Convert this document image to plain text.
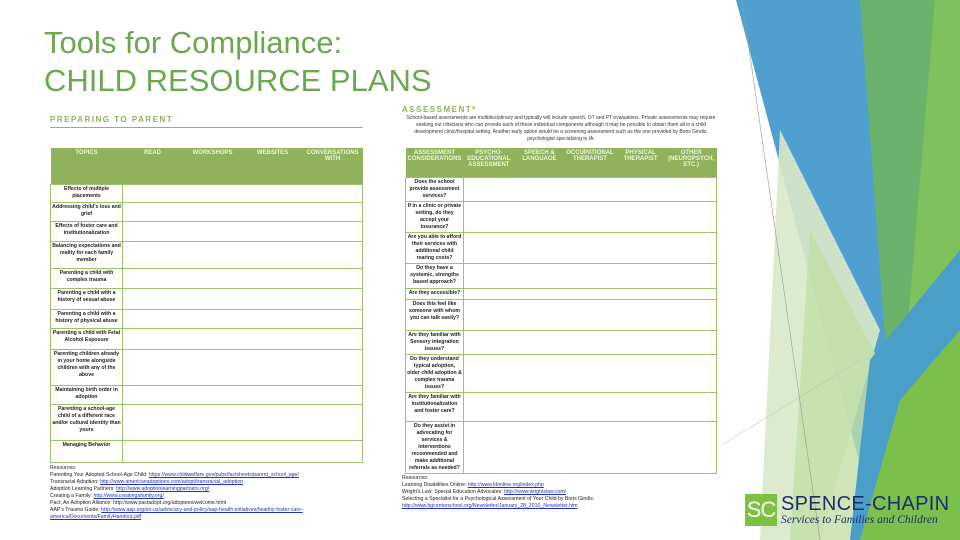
Tools for Compliance:
CHILD RESOURCE PLANS
PREPARING TO PARENT
TOPICS	READ	WORKSHOPS	WEBSITES	CONVERSATIONS WITH
Effects of multiple placements				
Addressing child's loss and grief				
Effects of foster care and institutionalization				
Balancing expectations and reality for each family member				
Parenting a child with complex trauma				
Parenting a child with a history of sexual abuse				
Parenting a child with a history of physical abuse				
Parenting a child with Fetal Alcohol Exposure				
Parenting children already in your home alongside children with any of the above				
Maintaining birth order in adoption				
Parenting a school-age child of a different race and/or cultural identity than yours				
Managing Behavior				
Resources:
Parenting Your Adopted School-Age Child: https://www.childwelfare.gov/pubs/factsheets/parent_school_age/
Transracial Adoption: http://www.americanadoptions.com/adopt/transracial_adoption
Adoption Learning Partners: http://www.adoptionlearningpartners.org/
Creating a Family: http://www.creatingafamily.org/
Pact, An Adoption Alliance: http://www.pactadopt.org/adoptees/welcome.html
AAP's Trauma Guide: http://www.aap.org/en-us/advocacy-and-policy/aap-health-initiatives/healthy-foster-care-america/Documents/FamilyHandout.pdf
ASSESSMENT*
School-based assessments are multidisciplinary and typically will include speech, OT and PT evaluations. Private assessments may require seeking out clinicians who can provide each of these individual components although it may be possible to obtain them all in a child development clinic/hospital setting. Another early option would be a screening assessment such as the one provided by Boris Gindis, psychologist specializing in IA.
ASSESSMENT CONSIDERATIONS	PSYCHO-EDUCATIONAL ASSESSMENT	SPEECH & LANGUAGE	OCCUPATIONAL THERAPIST	PHYSICAL THERAPIST	OTHER (NEUROPSYCH, ETC.)
Does the school provide assessment services?					
If in a clinic or private setting, do they accept your insurance?					
Are you able to afford their services with additional child rearing costs?					
Do they have a systemic, strengths based approach?					
Are they accessible?					
Does this feel like someone with whom you can talk easily?					
Are they familiar with Sensory integration issues?					
Do they understand typical adoption, older child adoption & complex trauma issues?					
Are they familiar with institutionalization and foster care?					
Do they assist in advocating for services & interventions recommended and make additional referrals as needed?					
Resources:
Learning Disabilities Online: http://www.ldonline.org/index.php
Wright's Law: Special Education Advocates: http://www.wrightslaw.com/
Selecting a Specialist for a Psychological Assessment of Your Child by Boris Gindis:
http://www.bgcenterschool.org/Newsletter/January_28_2010_Newsletter.htm	SC SPENCE-CHAPIN
Services to Families and Children
